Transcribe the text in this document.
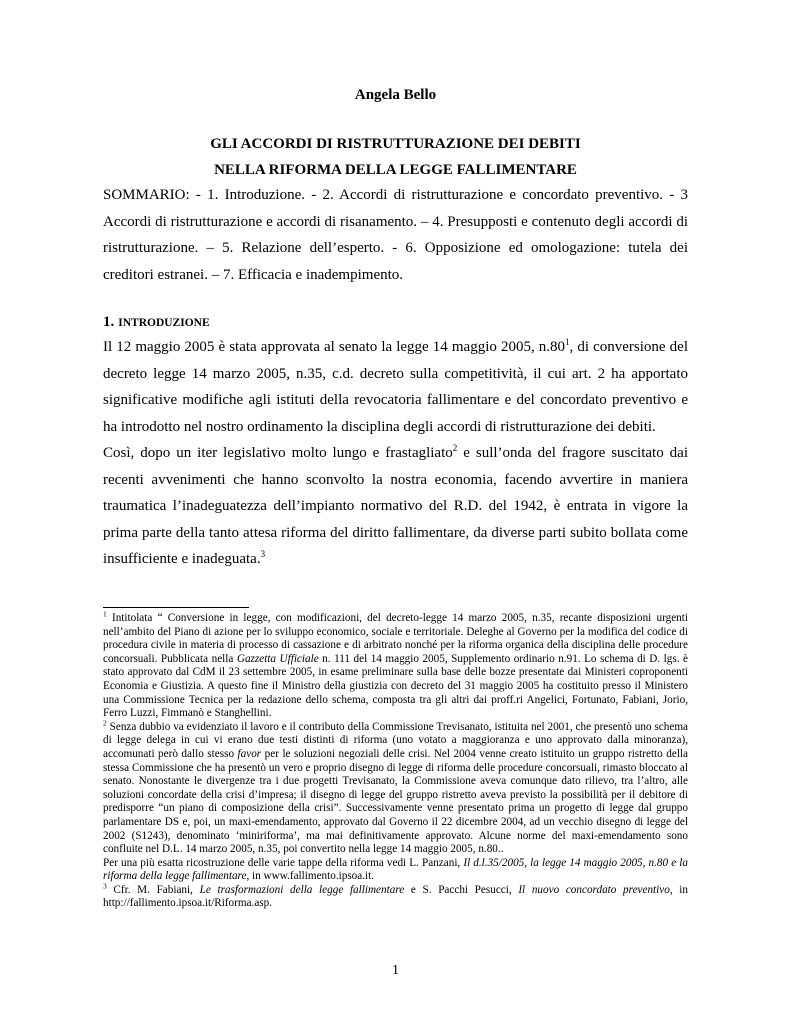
Angela Bello
GLI ACCORDI DI RISTRUTTURAZIONE DEI DEBITI
NELLA RIFORMA DELLA LEGGE FALLIMENTARE
SOMMARIO: - 1. Introduzione. - 2. Accordi di ristrutturazione e concordato preventivo. - 3 Accordi di ristrutturazione e accordi di risanamento. – 4. Presupposti e contenuto degli accordi di ristrutturazione. – 5. Relazione dell’esperto. - 6. Opposizione ed omologazione: tutela dei creditori estranei. – 7. Efficacia e inadempimento.
1. INTRODUZIONE

Il 12 maggio 2005 è stata approvata al senato la legge 14 maggio 2005, $n.80^1$, di conversione del decreto legge 14 marzo 2005, n.35, c.d. decreto sulla competitività, il cui art. 2 ha apportato significative modifiche agli istituti della revocatoria fallimentare e del concordato preventivo e ha introdotto nel nostro ordinamento la disciplina degli accordi di ristrutturazione dei debiti.

Così, dopo un iter legislativo molto lungo e frastagliato$^2$ e sull’onda del fragore suscitato dai recenti avvenimenti che hanno sconvolto la nostra economia, facendo avvertire in maniera traumatica l’inadeguatezza dell’impianto normativo del R.D. del 1942, è entrata in vigore la prima parte della tanto attesa riforma del diritto fallimentare, da diverse parti subito bollata come insufficiente e inadeguata.$^3$

$^1$ Intitolata “ Conversione in legge, con modificazioni, del decreto-legge 14 marzo 2005, n.35, recante disposizioni urgenti nell’ambito del Piano di azione per lo sviluppo economico, sociale e territoriale. Deleghe al Governo per la modifica del codice di procedura civile in materia di processo di cassazione e di arbitrato nonché per la riforma organica della disciplina delle procedure concorsuali. Pubblicata nella Gazzetta Ufficiale n. 111 del 14 maggio 2005, Supplemento ordinario n.91. Lo schema di D. lgs. è stato approvato dal CdM il 23 settembre 2005, in esame preliminare sulla base delle bozze presentate dai Ministeri coproponenti Economia e Giustizia. A questo fine il Ministro della giustizia con decreto del 31 maggio 2005 ha costituito presso il Ministero una Commissione Tecnica per la redazione dello schema, composta tra gli altri dai proff.ri Angelici, Fortunato, Fabiani, Jorio, Ferro Luzzi, Fimmanò e Stanghellini.

$^2$ Senza dubbio va evidenziato il lavoro e il contributo della Commissione Trevisanato, istituita nel 2001, che presentò uno schema di legge delega in cui vi erano due testi distinti di riforma (uno votato a maggioranza e uno approvato dalla minoranza), accomunati però dallo stesso favor per le soluzioni negoziali delle crisi. Nel 2004 venne creato istituito un gruppo ristretto della stessa Commissione che ha presentò un vero e proprio disegno di legge di riforma delle procedure concorsuali, rimasto bloccato al senato. Nonostante le divergenze tra i due progetti Trevisanato, la Commissione aveva comunque dato rilievo, tra l’altro, alle soluzioni concordate della crisi d’impresa; il disegno di legge del gruppo ristretto aveva previsto la possibilità per il debitore di predisporre “un piano di composizione della crisi”. Successivamente venne presentato prima un progetto di legge dal gruppo parlamentare DS e, poi, un maxi-emendamento, approvato dal Governo il 22 dicembre 2004, ad un vecchio disegno di legge del 2002 (S1243), denominato ‘miniriforma’, ma mai definitivamente approvato. Alcune norme del maxi-emendamento sono confluite nel D.L. 14 marzo 2005, n.35, poi convertito nella legge 14 maggio 2005, n.80..

Per una più esatta ricostruzione delle varie tappe della riforma vedi L. Panzani, Il d.l.35/2005, la legge 14 maggio 2005, n.80 e la riforma della legge fallimentare, in www.fallimento.ipsoa.it.

$^3$ Cfr. M. Fabiani, Le trasformazioni della legge fallimentare e S. Pacchi Pesucci, Il nuovo concordato preventivo, in http://fallimento.ipsoa.it/Riforma.asp.

1
